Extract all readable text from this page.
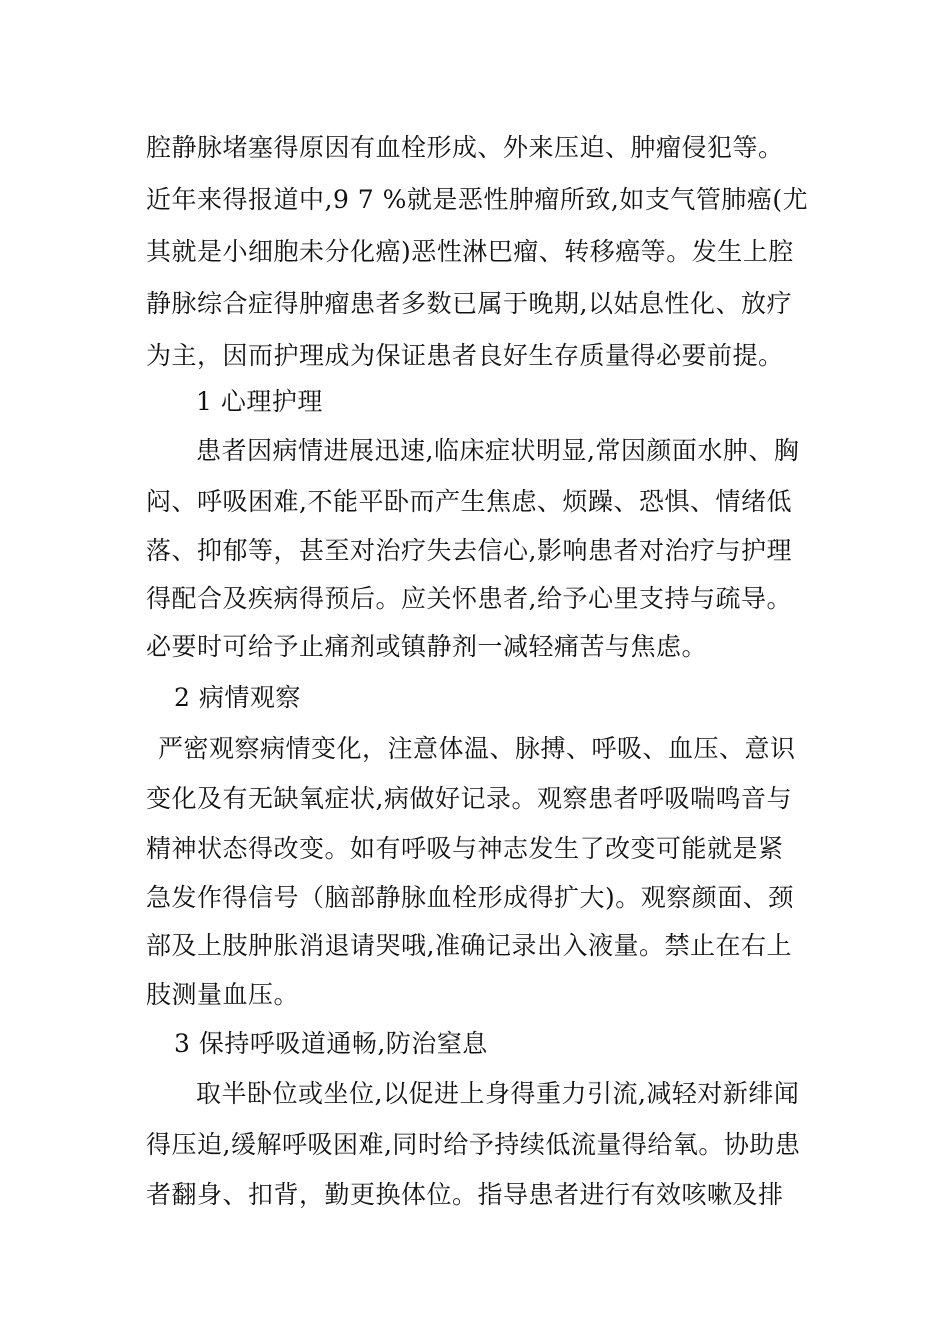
腔静脉堵塞得原因有血栓形成、外来压迫、肿瘤侵犯等。
近年来得报道中,9 7 %就是恶性肿瘤所致,如支气管肺癌(尤
其就是小细胞未分化癌)恶性淋巴瘤、转移癌等。发生上腔
静脉综合症得肿瘤患者多数已属于晚期,以姑息性化、放疗
为主，因而护理成为保证患者良好生存质量得必要前提。
1 心理护理
患者因病情进展迅速,临床症状明显,常因颜面水肿、胸
闷、呼吸困难,不能平卧而产生焦虑、烦躁、恐惧、情绪低
落、抑郁等，甚至对治疗失去信心,影响患者对治疗与护理
得配合及疾病得预后。应关怀患者,给予心里支持与疏导。
必要时可给予止痛剂或镇静剂一减轻痛苦与焦虑。
2 病情观察
严密观察病情变化，注意体温、脉搏、呼吸、血压、意识
变化及有无缺氧症状,病做好记录。观察患者呼吸喘鸣音与
精神状态得改变。如有呼吸与神志发生了改变可能就是紧
急发作得信号（脑部静脉血栓形成得扩大)。观察颜面、颈
部及上肢肿胀消退请哭哦,准确记录出入液量。禁止在右上
肢测量血压。
3 保持呼吸道通畅,防治窒息
取半卧位或坐位,以促进上身得重力引流,减轻对新绯闻
得压迫,缓解呼吸困难,同时给予持续低流量得给氧。协助患
者翻身、扣背，勤更换体位。指导患者进行有效咳嗽及排
